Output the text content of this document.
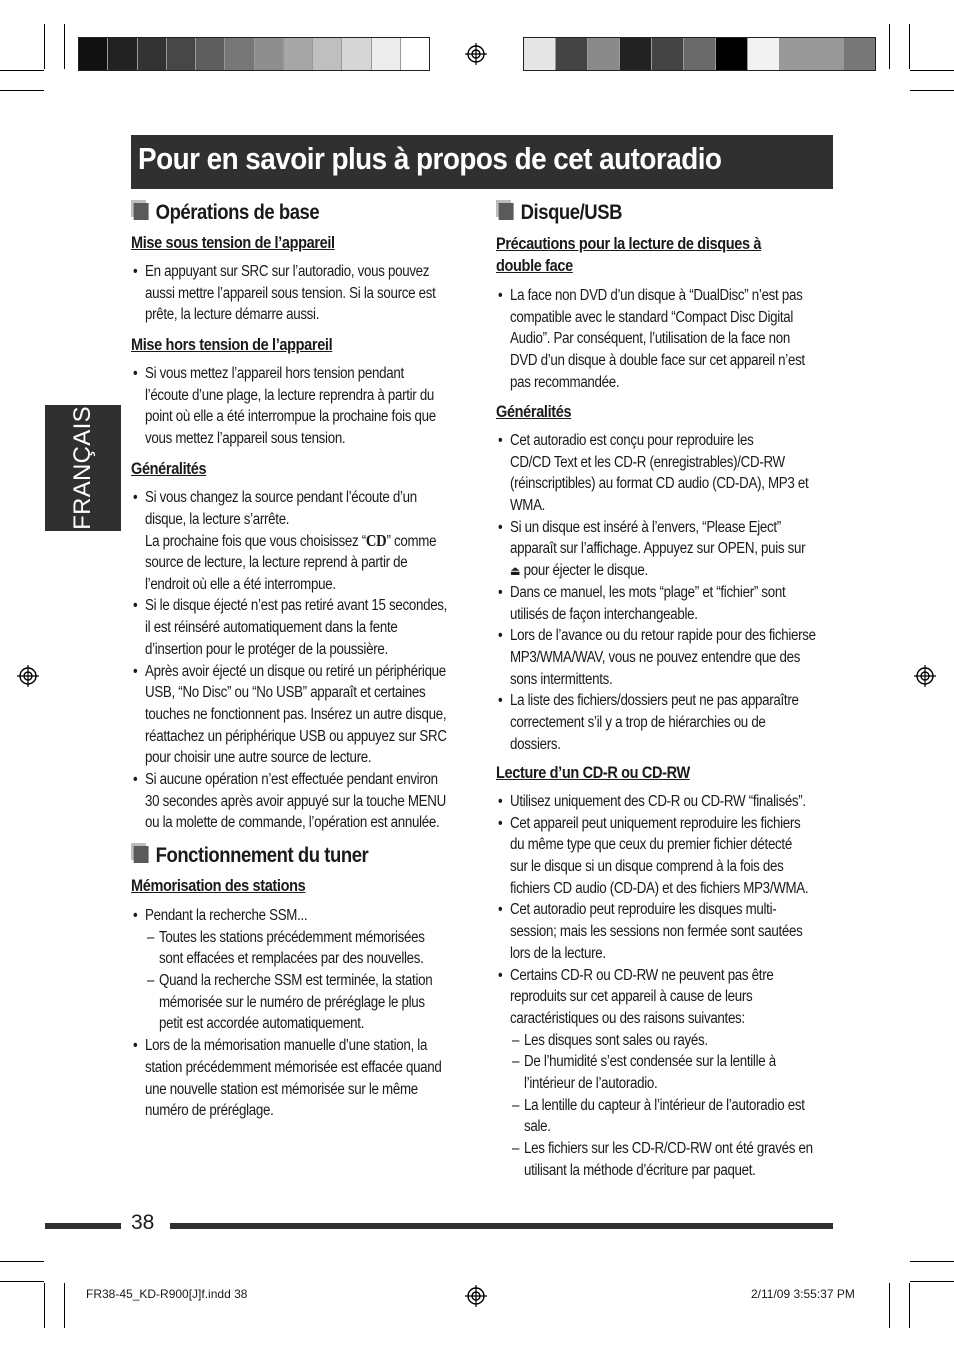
Pour en savoir plus à propos de cet autoradio
FRANÇAIS
Opérations de base
Mise sous tension de l’appareil
• En appuyant sur SRC sur l’autoradio, vous pouvez
aussi mettre l’appareil sous tension. Si la source est
prête, la lecture démarre aussi.
Mise hors tension de l’appareil
• Si vous mettez l’appareil hors tension pendant
l’écoute d’une plage, la lecture reprendra à partir du
point où elle a été interrompue la prochaine fois que
vous mettez l’appareil sous tension.
Généralités
• Si vous changez la source pendant l’écoute d’un
disque, la lecture s’arrête.
La prochaine fois que vous choisissez “CD” comme
source de lecture, la lecture reprend à partir de
l’endroit où elle a été interrompue.
• Si le disque éjecté n’est pas retiré avant 15 secondes,
il est réinséré automatiquement dans la fente
d’insertion pour le protéger de la poussière.
• Après avoir éjecté un disque ou retiré un périphérique
USB, “No Disc” ou “No USB” apparaît et certaines
touches ne fonctionnent pas. Insérez un autre disque,
réattachez un périphérique USB ou appuyez sur SRC
pour choisir une autre source de lecture.
• Si aucune opération n’est effectuée pendant environ
30 secondes après avoir appuyé sur la touche MENU
ou la molette de commande, l’opération est annulée.
Fonctionnement du tuner
Mémorisation des stations
• Pendant la recherche SSM...
– Toutes les stations précédemment mémorisées
sont effacées et remplacées par des nouvelles.
– Quand la recherche SSM est terminée, la station
mémorisée sur le numéro de préréglage le plus
petit est accordée automatiquement.
• Lors de la mémorisation manuelle d’une station, la
station précédemment mémorisée est effacée quand
une nouvelle station est mémorisée sur le même
numéro de préréglage.
Disque/USB
Précautions pour la lecture de disques à
double face
• La face non DVD d’un disque à “DualDisc” n’est pas
compatible avec le standard “Compact Disc Digital
Audio”. Par conséquent, l’utilisation de la face non
DVD d’un disque à double face sur cet appareil n’est
pas recommandée.
Généralités
• Cet autoradio est conçu pour reproduire les
CD/CD Text et les CD-R (enregistrables)/CD-RW
(réinscriptibles) au format CD audio (CD-DA), MP3 et
WMA.
• Si un disque est inséré à l’envers, “Please Eject”
apparaît sur l’affichage. Appuyez sur OPEN, puis sur
⏏ pour éjecter le disque.
• Dans ce manuel, les mots “plage” et “fichier” sont
utilisés de façon interchangeable.
• Lors de l’avance ou du retour rapide pour des fichierse
MP3/WMA/WAV, vous ne pouvez entendre que des
sons intermittents.
• La liste des fichiers/dossiers peut ne pas apparaître
correctement s’il y a trop de hiérarchies ou de
dossiers.
Lecture d’un CD-R ou CD-RW
• Utilisez uniquement des CD-R ou CD-RW “finalisés”.
• Cet appareil peut uniquement reproduire les fichiers
du même type que ceux du premier fichier détecté
sur le disque si un disque comprend à la fois des
fichiers CD audio (CD-DA) et des fichiers MP3/WMA.
• Cet autoradio peut reproduire les disques multi-
session; mais les sessions non fermée sont sautées
lors de la lecture.
• Certains CD-R ou CD-RW ne peuvent pas être
reproduits sur cet appareil à cause de leurs
caractéristiques ou des raisons suivantes:
– Les disques sont sales ou rayés.
– De l’humidité s’est condensée sur la lentille à
l’intérieur de l’autoradio.
– La lentille du capteur à l’intérieur de l’autoradio est
sale.
– Les fichiers sur les CD-R/CD-RW ont été gravés en
utilisant la méthode d’écriture par paquet.
38
FR38-45_KD-R900[J]f.indd 38	2/11/09 3:55:37 PM
